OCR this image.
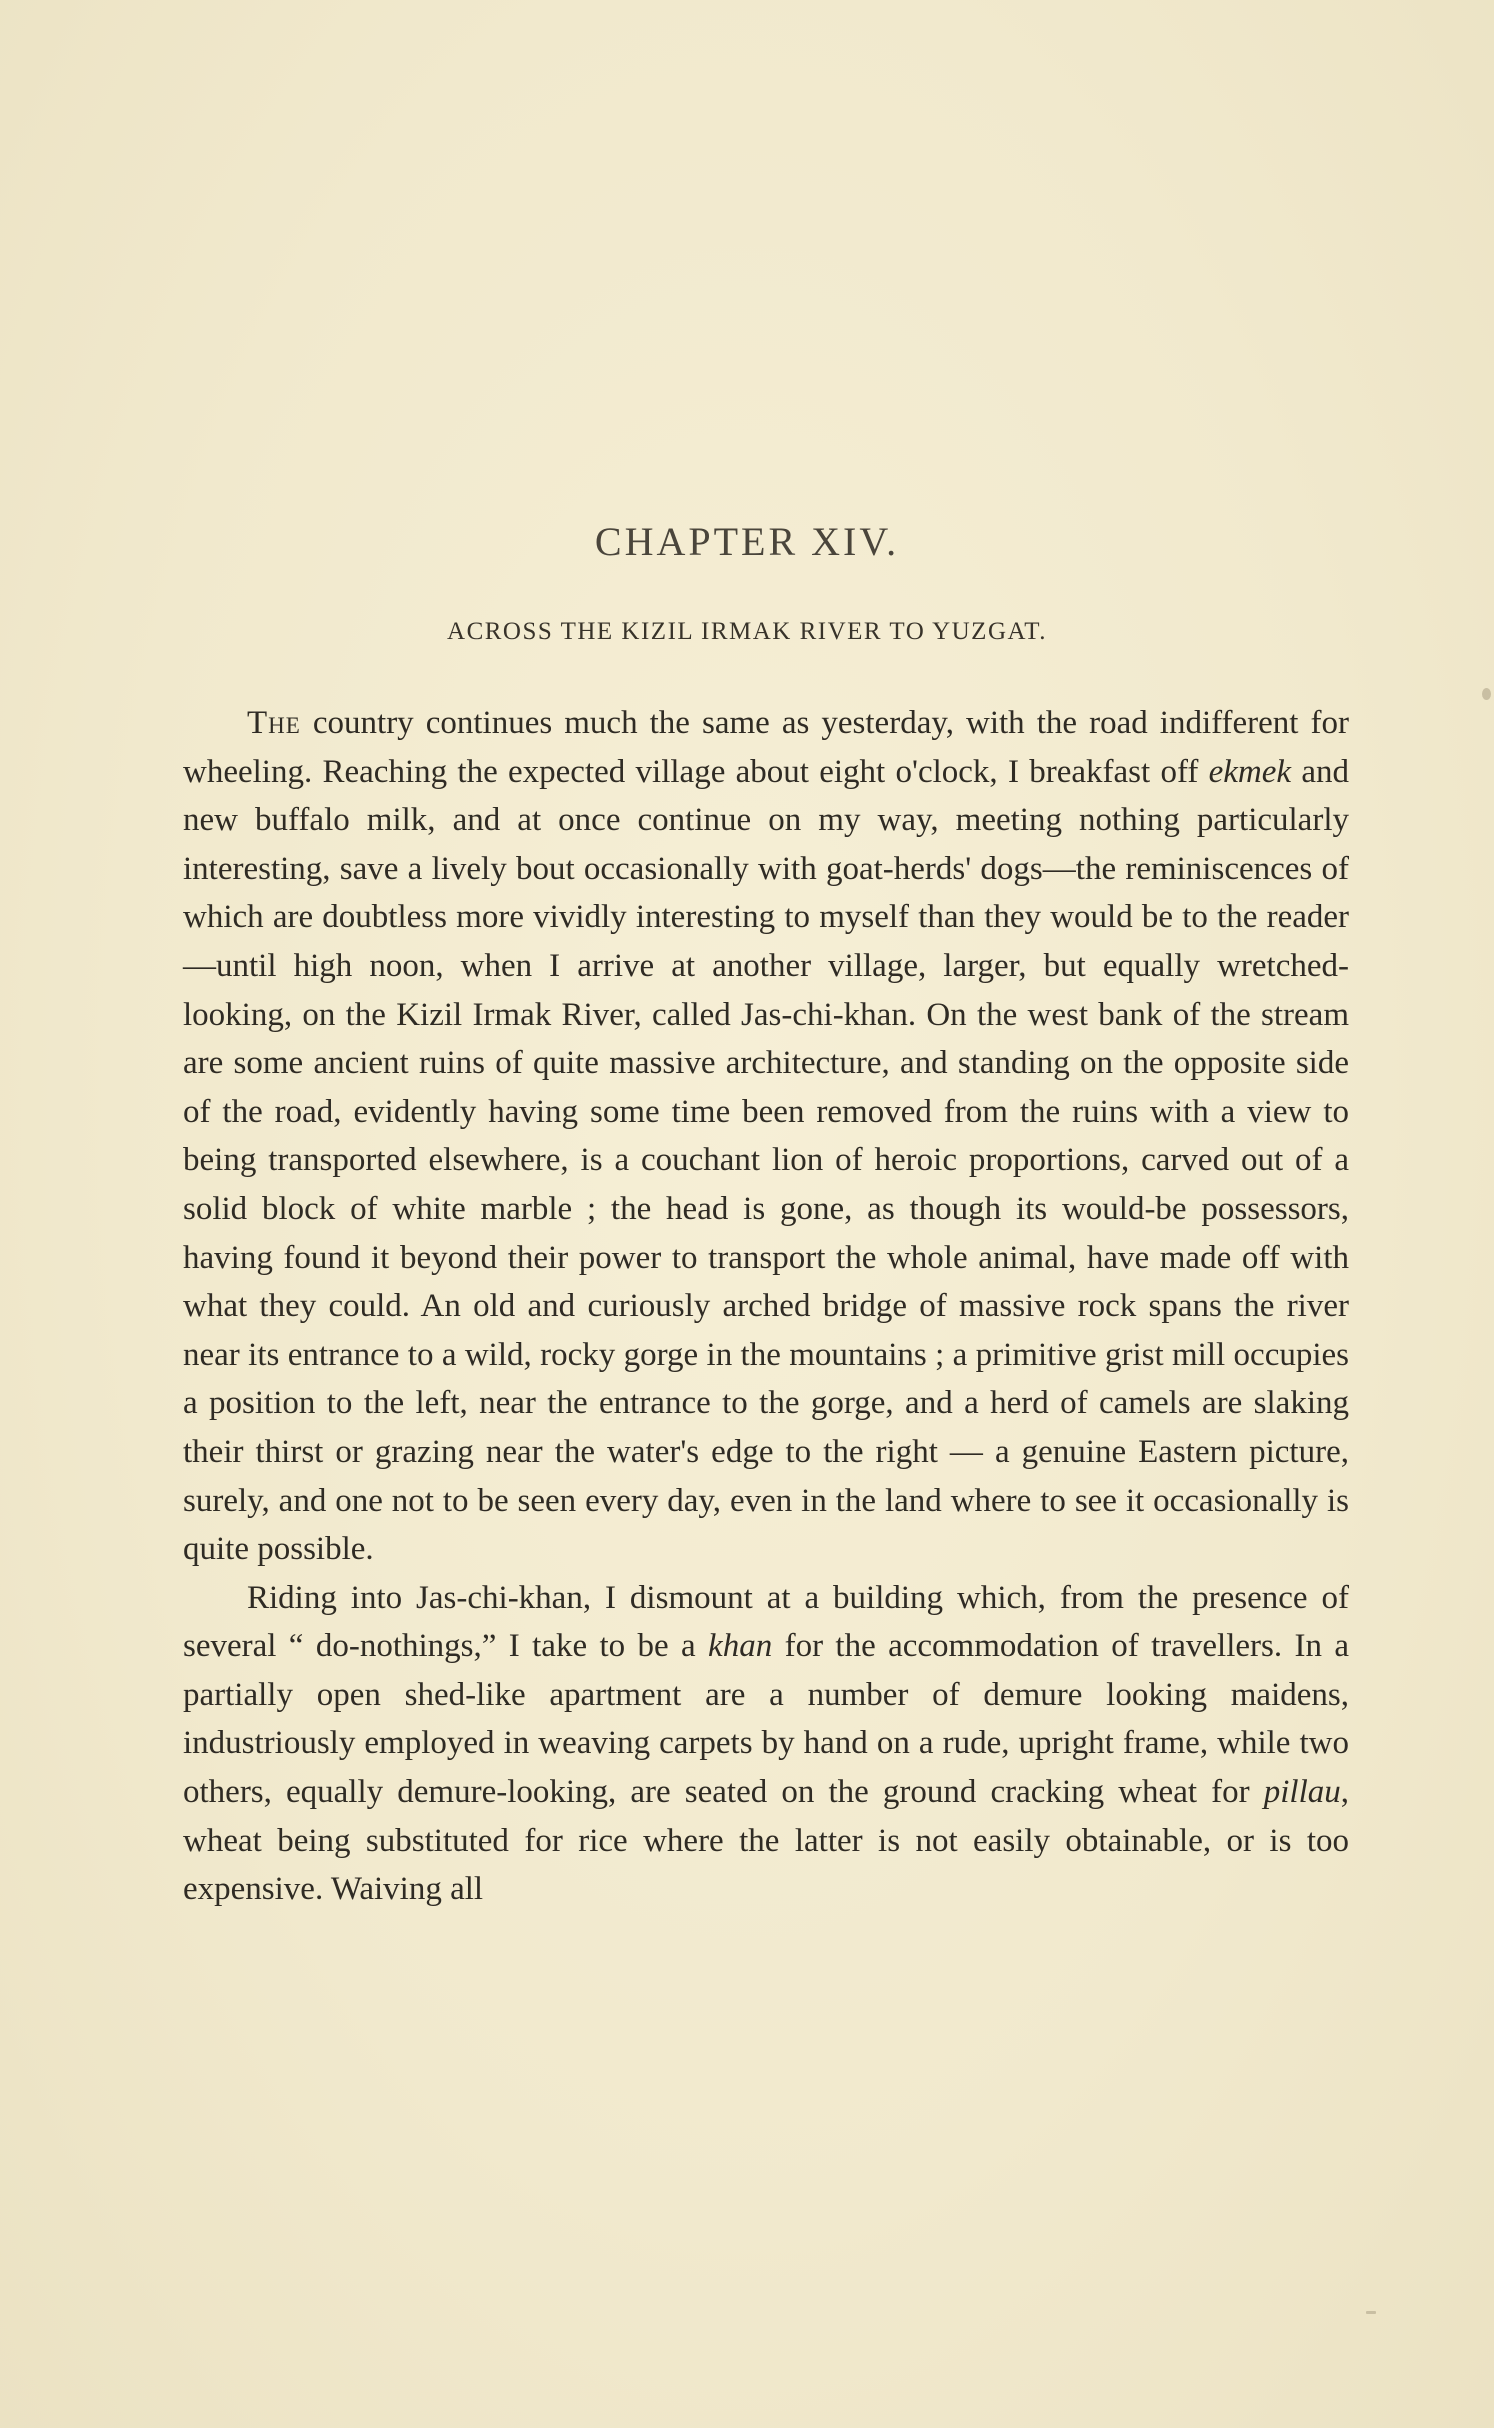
CHAPTER XIV.
ACROSS THE KIZIL IRMAK RIVER TO YUZGAT.

The country continues much the same as yesterday, with the road indifferent for wheeling. Reaching the expected village about eight o'clock, I breakfast off ekmek and new buffalo milk, and at once continue on my way, meeting nothing particularly interesting, save a lively bout occasionally with goat-herds' dogs—the reminiscences of which are doubtless more vividly interesting to myself than they would be to the reader—until high noon, when I arrive at another village, larger, but equally wretched-looking, on the Kizil Irmak River, called Jas-chi-khan. On the west bank of the stream are some ancient ruins of quite massive architecture, and standing on the opposite side of the road, evidently having some time been removed from the ruins with a view to being transported elsewhere, is a couchant lion of heroic proportions, carved out of a solid block of white marble ; the head is gone, as though its would-be possessors, having found it beyond their power to transport the whole animal, have made off with what they could. An old and curiously arched bridge of massive rock spans the river near its entrance to a wild, rocky gorge in the mountains ; a primitive grist mill occupies a position to the left, near the entrance to the gorge, and a herd of camels are slaking their thirst or grazing near the water's edge to the right — a genuine Eastern picture, surely, and one not to be seen every day, even in the land where to see it occasionally is quite possible.

Riding into Jas-chi-khan, I dismount at a building which, from the presence of several “ do-nothings,” I take to be a khan for the accommodation of travellers. In a partially open shed-like apartment are a number of demure looking maidens, industriously employed in weaving carpets by hand on a rude, upright frame, while two others, equally demure-looking, are seated on the ground cracking wheat for pillau, wheat being substituted for rice where the latter is not easily obtainable, or is too expensive. Waiving all
